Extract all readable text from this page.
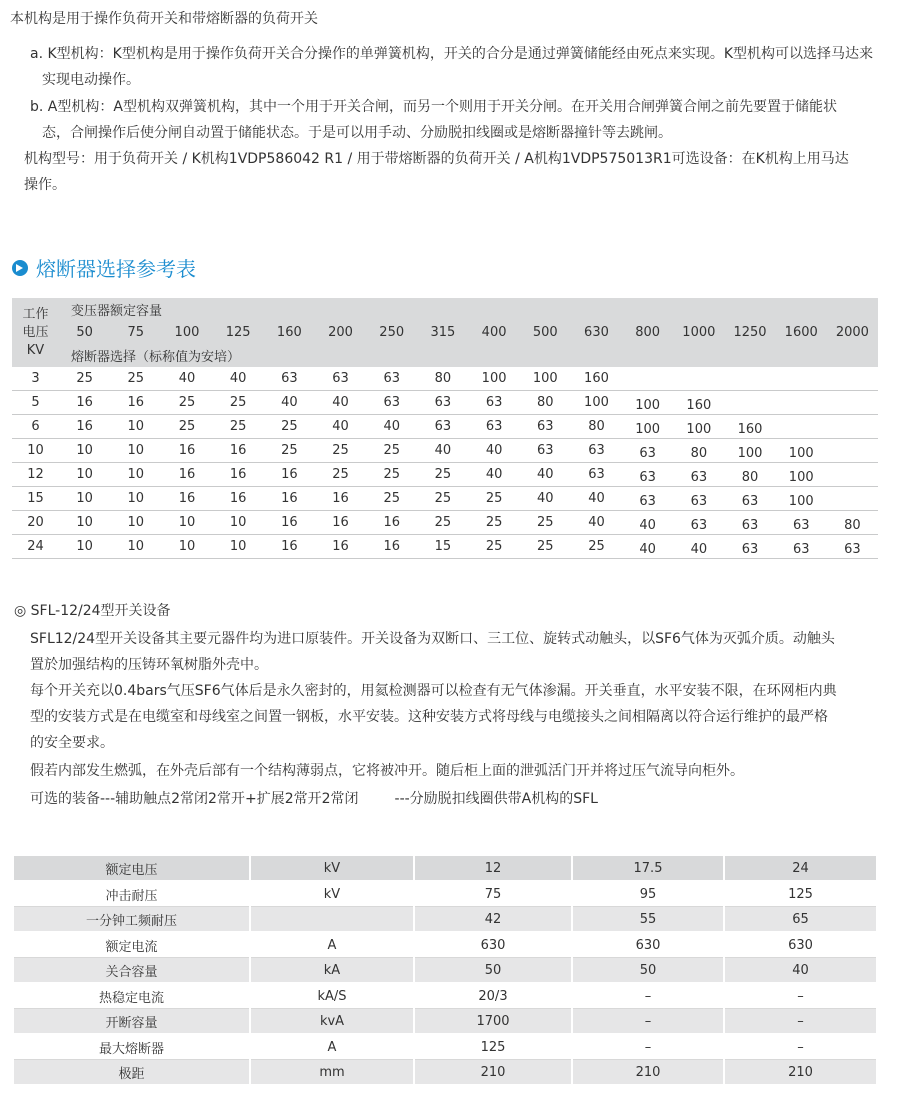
本机构是用于操作负荷开关和带熔断器的负荷开关
a. K型机构：K型机构是用于操作负荷开关合分操作的单弹簧机构，开关的合分是通过弹簧储能经由死点来实现。K型机构可以选择马达来
实现电动操作。
b. A型机构：A型机构双弹簧机构，其中一个用于开关合闸，而另一个则用于开关分闸。在开关用合闸弹簧合闸之前先要置于储能状
态，合闸操作后使分闸自动置于储能状态。于是可以用手动、分励脱扣线圈或是熔断器撞针等去跳闸。
机构型号：用于负荷开关 / K机构1VDP586042 R1 / 用于带熔断器的负荷开关 / A机构1VDP575013R1可选设备：在K机构上用马达
操作。
熔断器选择参考表
工作
电压
KV	变压器额定容量															
	50	75	100	125	160	200	250	315	400	500	630	800	1000	1250	1600	2000
	熔断器选择（标称值为安培）															
3	25	25	40	40	63	63	63	80	100	100	160					
5	16	16	25	25	40	40	63	63	63	80	100	100	160			
6	16	10	25	25	25	40	40	63	63	63	80	100	100	160		
10	10	10	16	16	25	25	25	40	40	63	63	63	80	100	100	
12	10	10	16	16	16	25	25	25	40	40	63	63	63	80	100	
15	10	10	16	16	16	16	25	25	25	40	40	63	63	63	100	
20	10	10	10	10	16	16	16	25	25	25	40	40	63	63	63	80
24	10	10	10	10	16	16	16	15	25	25	25	40	40	63	63	63
◎ SFL-12/24型开关设备
SFL12/24型开关设备其主要元器件均为进口原装件。开关设备为双断口、三工位、旋转式动触头，以SF6气体为灭弧介质。动触头
置於加强结构的压铸环氧树脂外壳中。
每个开关充以0.4bars气压SF6气体后是永久密封的，用氦检测器可以检查有无气体渗漏。开关垂直，水平安装不限，在环网柜内典
型的安装方式是在电缆室和母线室之间置一钢板，水平安装。这种安装方式将母线与电缆接头之间相隔离以符合运行维护的最严格
的安全要求。
假若内部发生燃弧，在外壳后部有一个结构薄弱点，它将被冲开。随后柜上面的泄弧活门开并将过压气流导向柜外。
可选的装备---辅助触点2常闭2常开+扩展2常开2常闭	---分励脱扣线圈供带A机构的SFL
额定电压	kV	12	17.5	24
冲击耐压	kV	75	95	125
一分钟工频耐压		42	55	65
额定电流	A	630	630	630
关合容量	kA	50	50	40
热稳定电流	kA/S	20/3	–	–
开断容量	kvA	1700	–	–
最大熔断器	A	125	–	–
极距	mm	210	210	210
